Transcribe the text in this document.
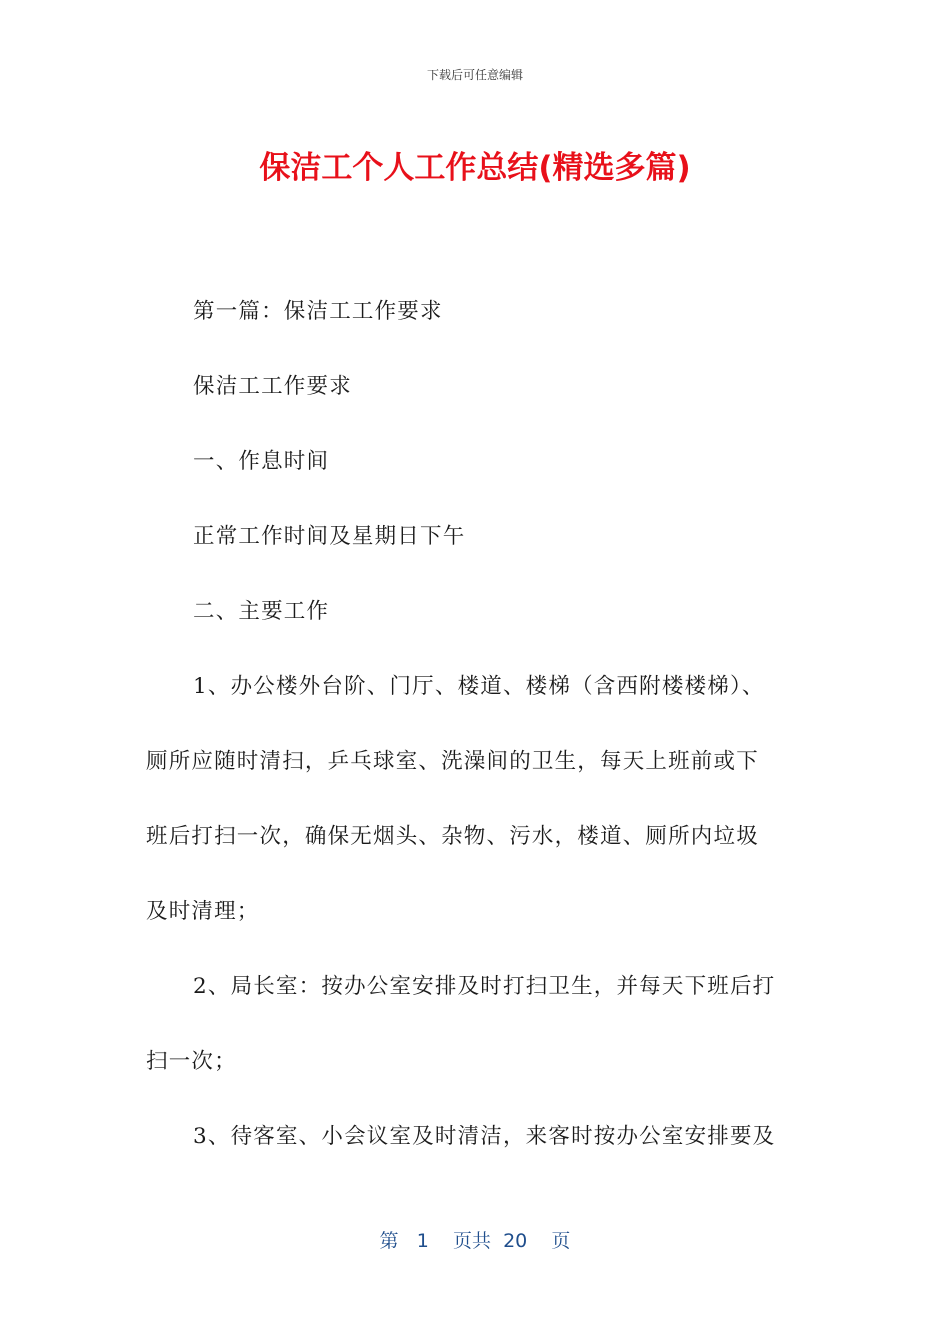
下载后可任意编辑
保洁工个人工作总结(精选多篇)
第一篇：保洁工工作要求
保洁工工作要求
一、作息时间
正常工作时间及星期日下午
二、主要工作
1、办公楼外台阶、门厅、楼道、楼梯（含西附楼楼梯）、
厕所应随时清扫，乒乓球室、洗澡间的卫生，每天上班前或下
班后打扫一次，确保无烟头、杂物、污水，楼道、厕所内垃圾
及时清理；
2、局长室：按办公室安排及时打扫卫生，并每天下班后打
扫一次；
3、待客室、小会议室及时清洁，来客时按办公室安排要及
第 1 页共 20 页
